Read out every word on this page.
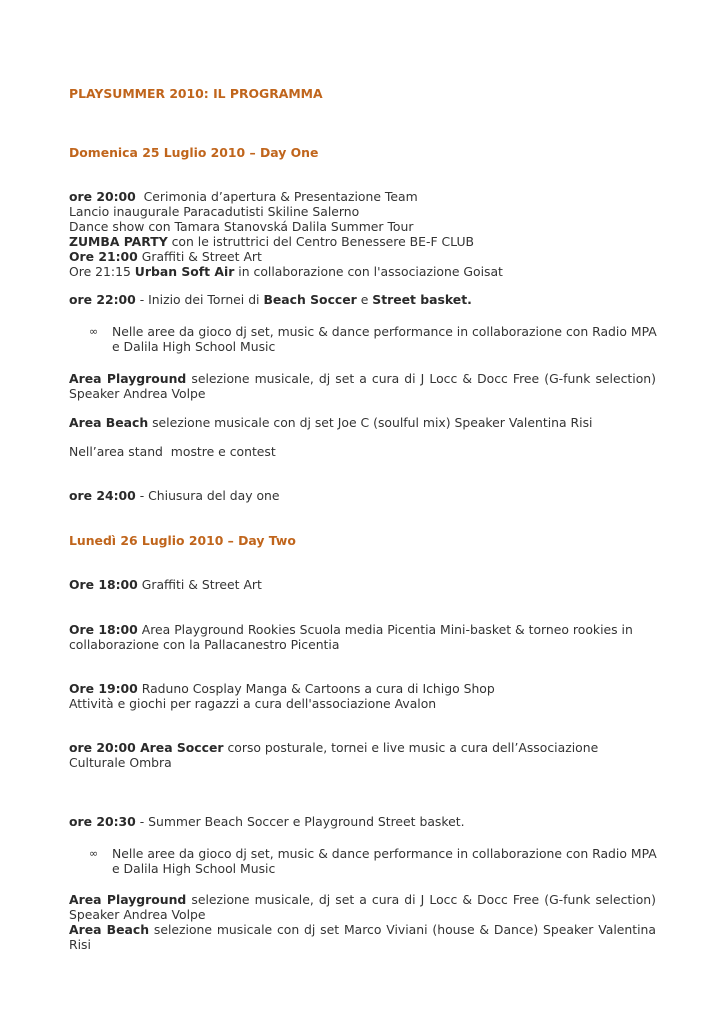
PLAYSUMMER 2010: IL PROGRAMMA
Domenica 25 Luglio 2010 – Day One
ore 20:00  Cerimonia d’apertura & Presentazione Team
Lancio inaugurale Paracadutisti Skiline Salerno
Dance show con Tamara Stanovská Dalila Summer Tour
ZUMBA PARTY con le istruttrici del Centro Benessere BE-F CLUB
Ore 21:00 Graffiti & Street Art
Ore 21:15 Urban Soft Air in collaborazione con l'associazione Goisat
ore 22:00 - Inizio dei Tornei di Beach Soccer e Street basket.
∞ Nelle aree da gioco dj set, music & dance performance in collaborazione con Radio MPA e Dalila High School Music
Area Playground selezione musicale, dj set a cura di J Locc & Docc Free (G-funk selection) Speaker Andrea Volpe
Area Beach selezione musicale con dj set Joe C (soulful mix) Speaker Valentina Risi
Nell’area stand  mostre e contest
ore 24:00 - Chiusura del day one
Lunedì 26 Luglio 2010 – Day Two
Ore 18:00 Graffiti & Street Art
Ore 18:00 Area Playground Rookies Scuola media Picentia Mini-basket & torneo rookies in collaborazione con la Pallacanestro Picentia
Ore 19:00 Raduno Cosplay Manga & Cartoons a cura di Ichigo Shop
Attività e giochi per ragazzi a cura dell'associazione Avalon
ore 20:00 Area Soccer corso posturale, tornei e live music a cura dell’Associazione Culturale Ombra
ore 20:30 - Summer Beach Soccer e Playground Street basket.
∞ Nelle aree da gioco dj set, music & dance performance in collaborazione con Radio MPA e Dalila High School Music
Area Playground selezione musicale, dj set a cura di J Locc & Docc Free (G-funk selection) Speaker Andrea Volpe
Area Beach selezione musicale con dj set Marco Viviani (house & Dance) Speaker Valentina Risi
